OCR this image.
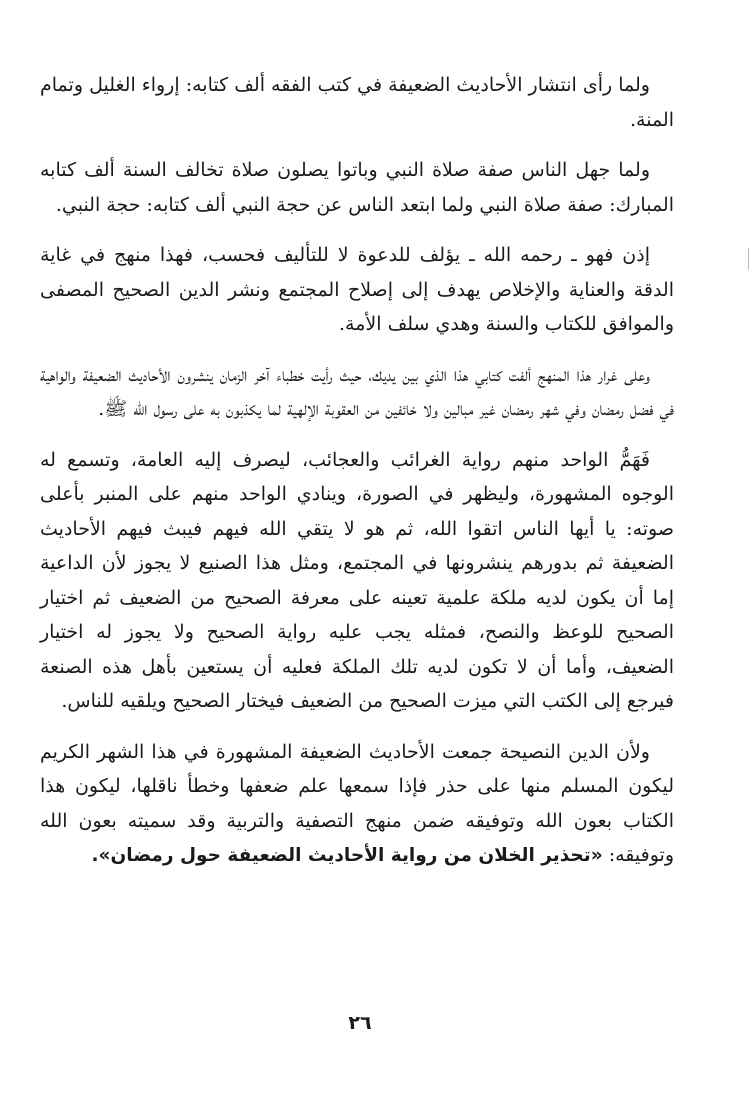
ولما رأى انتشار الأحاديث الضعيفة في كتب الفقه ألف كتابه: إرواء الغليل وتمام المنة.

ولما جهل الناس صفة صلاة النبي وباتوا يصلون صلاة تخالف السنة ألف كتابه المبارك: صفة صلاة النبي ولما ابتعد الناس عن حجة النبي ألف كتابه: حجة النبي.

إذن فهو ـ رحمه الله ـ يؤلف للدعوة لا للتأليف فحسب، فهذا منهج في غاية الدقة والعناية والإخلاص يهدف إلى إصلاح المجتمع ونشر الدين الصحيح المصفى والموافق للكتاب والسنة وهدي سلف الأمة.

وعلى غرار هذا المنهج ألفت كتابي هذا الذي بين يديك، حيث رأيت خطباء آخر الزمان ينشرون الأحاديث الضعيفة والواهية في فضل رمضان وفي شهر رمضان غير مبالين ولا خائفين من العقوبة الإلهية لما يكذبون به على رسول الله ﷺ.

فَهَمُّ الواحد منهم رواية الغرائب والعجائب، ليصرف إليه العامة، وتسمع له الوجوه المشهورة، وليظهر في الصورة، وينادي الواحد منهم على المنبر بأعلى صوته: يا أيها الناس اتقوا الله، ثم هو لا يتقي الله فيهم فيبث فيهم الأحاديث الضعيفة ثم بدورهم ينشرونها في المجتمع، ومثل هذا الصنيع لا يجوز لأن الداعية إما أن يكون لديه ملكة علمية تعينه على معرفة الصحيح من الضعيف ثم اختيار الصحيح للوعظ والنصح، فمثله يجب عليه رواية الصحيح ولا يجوز له اختيار الضعيف، وأما أن لا تكون لديه تلك الملكة فعليه أن يستعين بأهل هذه الصنعة فيرجع إلى الكتب التي ميزت الصحيح من الضعيف فيختار الصحيح ويلقيه للناس.

ولأن الدين النصيحة جمعت الأحاديث الضعيفة المشهورة في هذا الشهر الكريم ليكون المسلم منها على حذر فإذا سمعها علم ضعفها وخطأ ناقلها، ليكون هذا الكتاب بعون الله وتوفيقه ضمن منهج التصفية والتربية وقد سميته بعون الله وتوفيقه: «تحذير الخلان من رواية الأحاديث الضعيفة حول رمضان».

٢٦
